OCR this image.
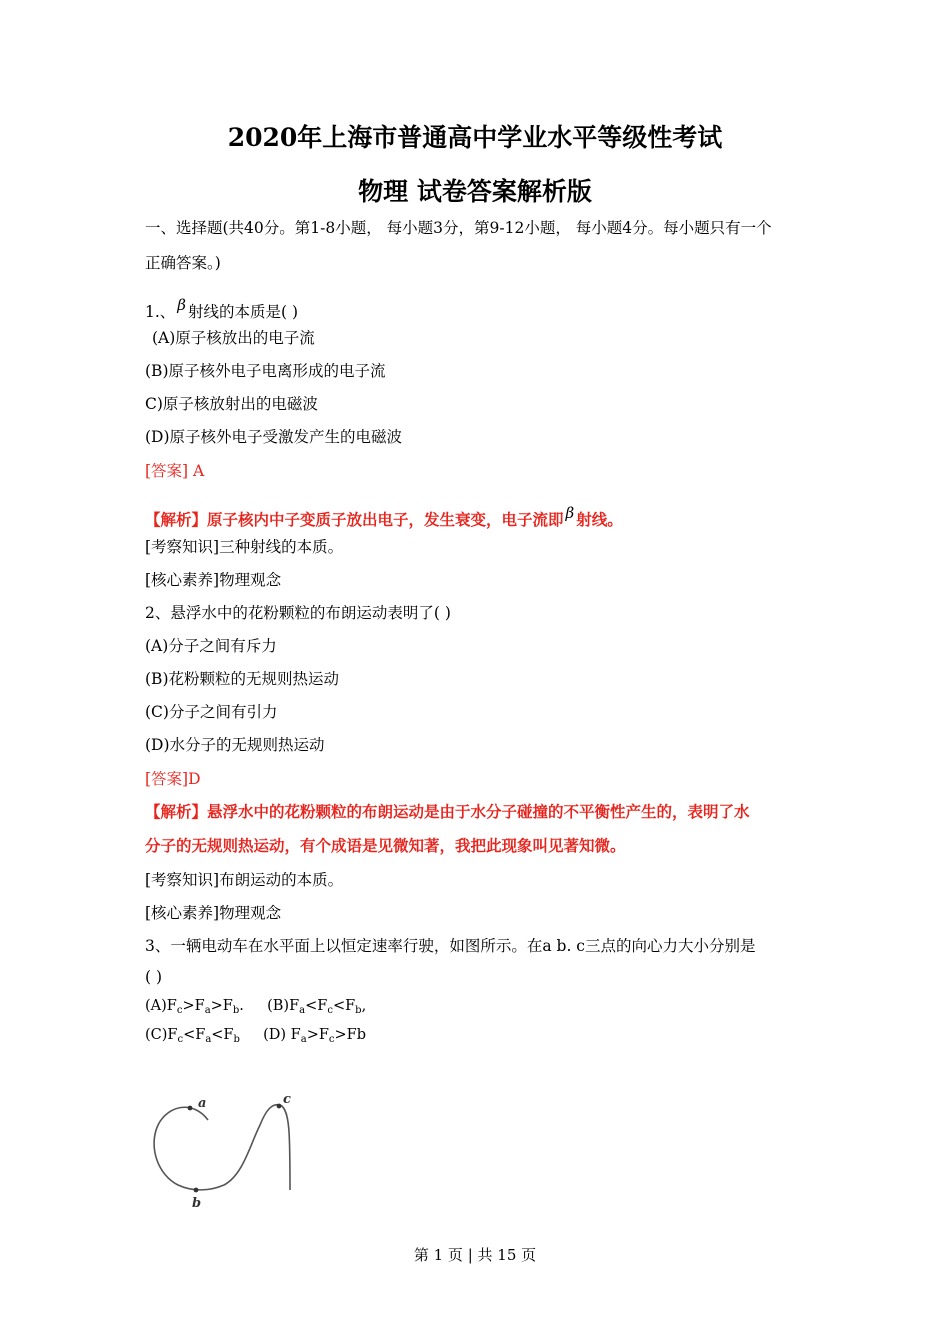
2020年上海市普通高中学业水平等级性考试
物理 试卷答案解析版
一、选择题(共40分。第1-8小题， 每小题3分，第9-12小题， 每小题4分。每小题只有一个
正确答案。)
1.、 β 射线的本质是( )
(A)原子核放出的电子流
(B)原子核外电子电离形成的电子流
C)原子核放射出的电磁波
(D)原子核外电子受激发产生的电磁波
[答案] A
【解析】原子核内中子变质子放出电子，发生衰变，电子流即 β 射线。
[考察知识]三种射线的本质。
[核心素养]物理观念
2、悬浮水中的花粉颗粒的布朗运动表明了( )
(A)分子之间有斥力
(B)花粉颗粒的无规则热运动
(C)分子之间有引力
(D)水分子的无规则热运动
[答案]D
【解析】悬浮水中的花粉颗粒的布朗运动是由于水分子碰撞的不平衡性产生的，表明了水
分子的无规则热运动，有个成语是见微知著，我把此现象叫见著知微。
[考察知识]布朗运动的本质。
[核心素养]物理观念
3、一辆电动车在水平面上以恒定速率行驶，如图所示。在a b. c三点的向心力大小分别是
( )
$(A)F_c>F_a>F_b$. $(B)F_a<F_c<F_b$,
$(C)F_c<F_a<F_b$ (D) $F_a>F_c>Fb$
a
b
c
第 1 页 | 共 15 页
